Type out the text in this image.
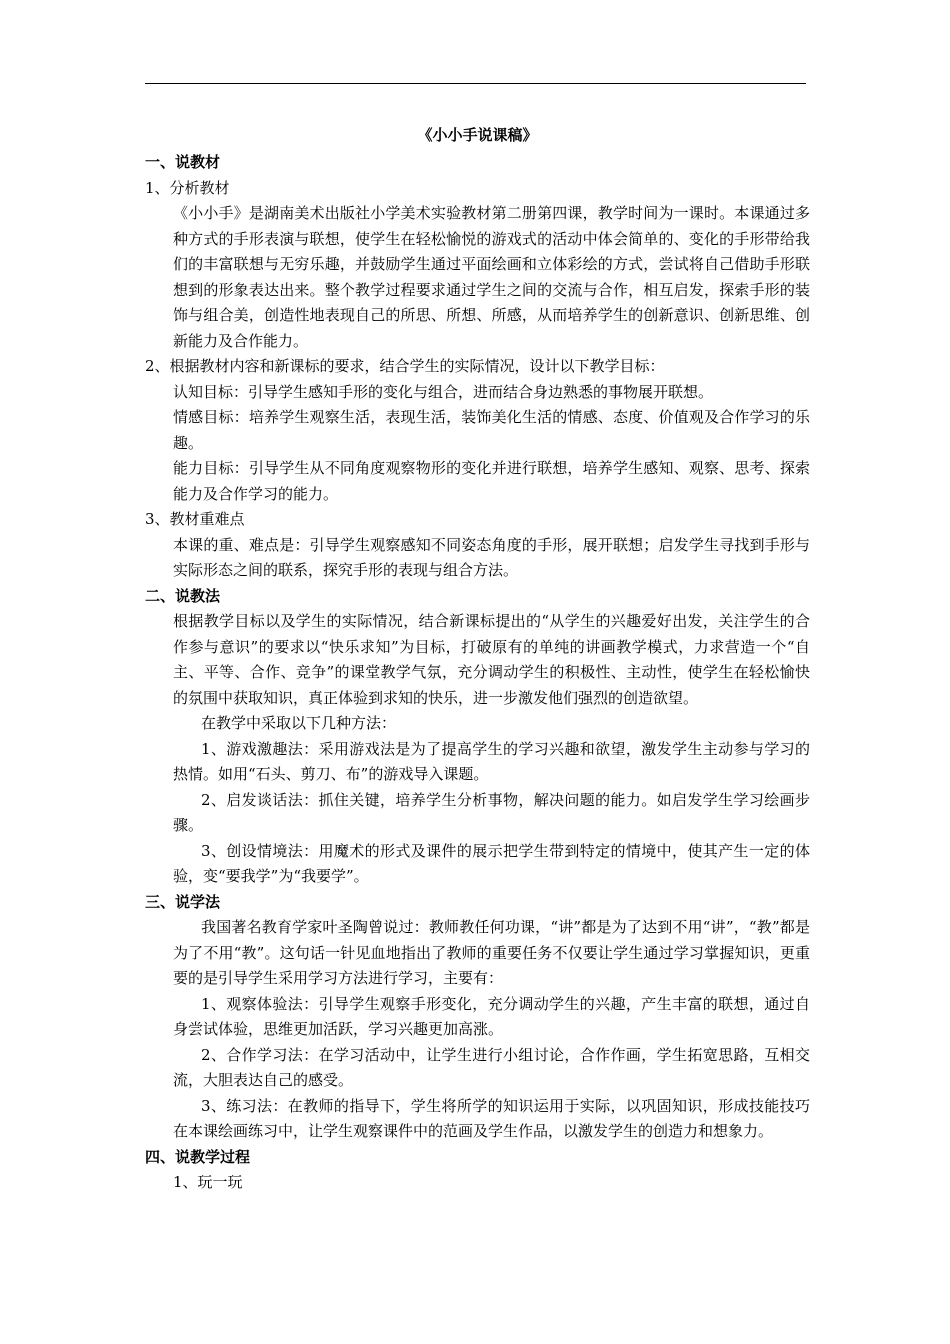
《小小手说课稿》
一、说教材
1、分析教材

《小小手》是湖南美术出版社小学美术实验教材第二册第四课，教学时间为一课时。本课通过多种方式的手形表演与联想，使学生在轻松愉悦的游戏式的活动中体会简单的、变化的手形带给我们的丰富联想与无穷乐趣，并鼓励学生通过平面绘画和立体彩绘的方式，尝试将自己借助手形联想到的形象表达出来。整个教学过程要求通过学生之间的交流与合作，相互启发，探索手形的装饰与组合美，创造性地表现自己的所思、所想、所感，从而培养学生的创新意识、创新思维、创新能力及合作能力。

2、根据教材内容和新课标的要求，结合学生的实际情况，设计以下教学目标：

认知目标：引导学生感知手形的变化与组合，进而结合身边熟悉的事物展开联想。

情感目标：培养学生观察生活，表现生活，装饰美化生活的情感、态度、价值观及合作学习的乐趣。

能力目标：引导学生从不同角度观察物形的变化并进行联想，培养学生感知、观察、思考、探索能力及合作学习的能力。

3、教材重难点

本课的重、难点是：引导学生观察感知不同姿态角度的手形，展开联想；启发学生寻找到手形与实际形态之间的联系，探究手形的表现与组合方法。

二、说教法

根据教学目标以及学生的实际情况，结合新课标提出的“从学生的兴趣爱好出发，关注学生的合作参与意识”的要求以“快乐求知”为目标，打破原有的单纯的讲画教学模式，力求营造一个“自主、平等、合作、竞争”的课堂教学气氛，充分调动学生的积极性、主动性，使学生在轻松愉快的氛围中获取知识，真正体验到求知的快乐，进一步激发他们强烈的创造欲望。

在教学中采取以下几种方法：

1、游戏激趣法：采用游戏法是为了提高学生的学习兴趣和欲望，激发学生主动参与学习的热情。如用“石头、剪刀、布”的游戏导入课题。

2、启发谈话法：抓住关键，培养学生分析事物，解决问题的能力。如启发学生学习绘画步骤。

3、创设情境法：用魔术的形式及课件的展示把学生带到特定的情境中，使其产生一定的体验，变“要我学”为“我要学”。

三、说学法

我国著名教育学家叶圣陶曾说过：教师教任何功课，“讲”都是为了达到不用“讲”，“教”都是为了不用“教”。这句话一针见血地指出了教师的重要任务不仅要让学生通过学习掌握知识，更重要的是引导学生采用学习方法进行学习，主要有：

1、观察体验法：引导学生观察手形变化，充分调动学生的兴趣，产生丰富的联想，通过自身尝试体验，思维更加活跃，学习兴趣更加高涨。

2、合作学习法：在学习活动中，让学生进行小组讨论，合作作画，学生拓宽思路，互相交流，大胆表达自己的感受。

3、练习法：在教师的指导下，学生将所学的知识运用于实际，以巩固知识，形成技能技巧在本课绘画练习中，让学生观察课件中的范画及学生作品，以激发学生的创造力和想象力。

四、说教学过程
1、玩一玩
